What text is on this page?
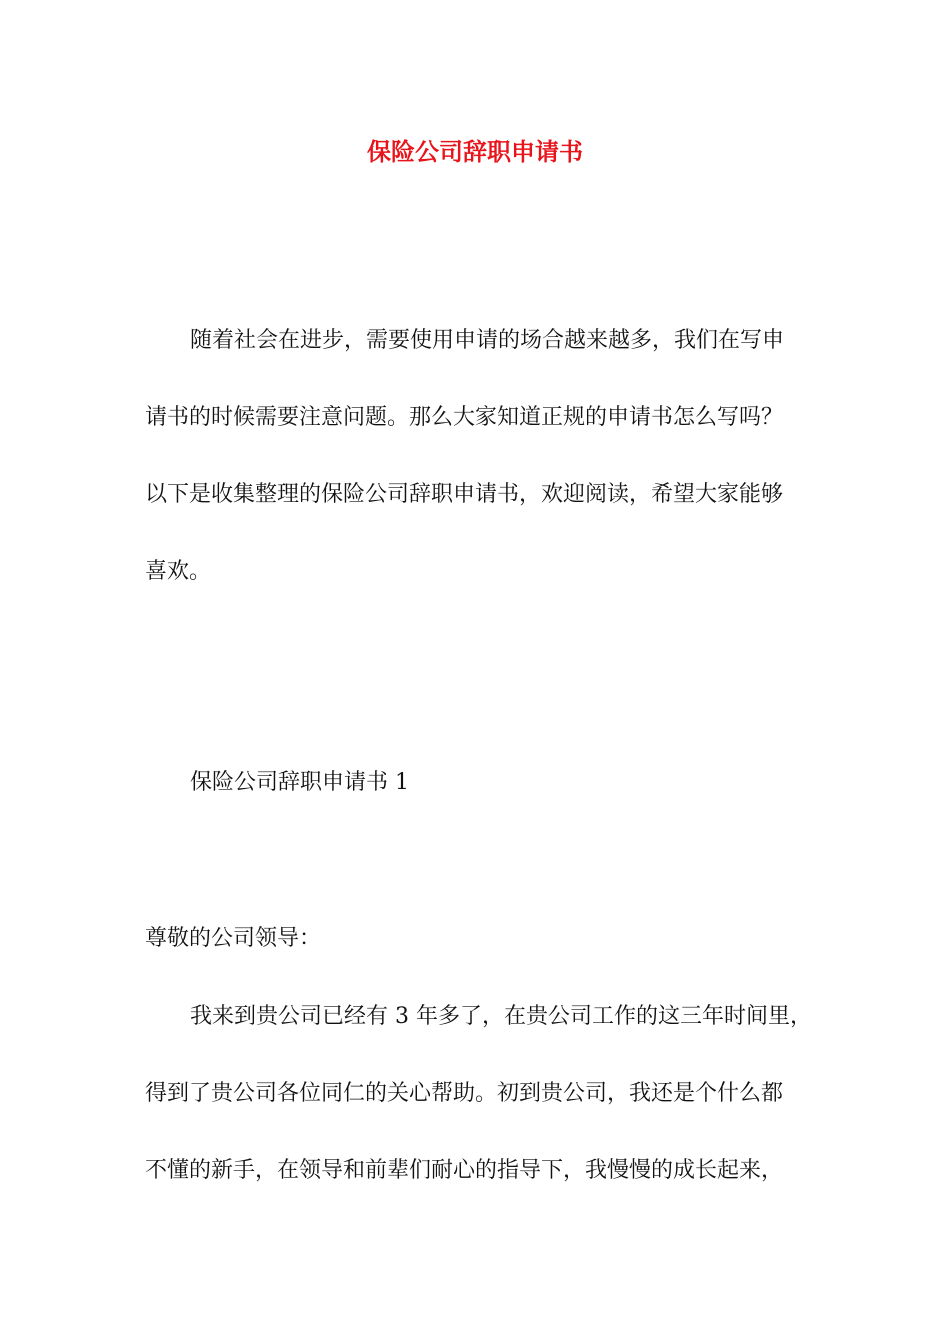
保险公司辞职申请书
随着社会在进步，需要使用申请的场合越来越多，我们在写申
请书的时候需要注意问题。那么大家知道正规的申请书怎么写吗？
以下是收集整理的保险公司辞职申请书，欢迎阅读，希望大家能够
喜欢。
保险公司辞职申请书 1
尊敬的公司领导：
我来到贵公司已经有 3 年多了，在贵公司工作的这三年时间里，
得到了贵公司各位同仁的关心帮助。初到贵公司，我还是个什么都
不懂的新手，在领导和前辈们耐心的指导下，我慢慢的成长起来，
